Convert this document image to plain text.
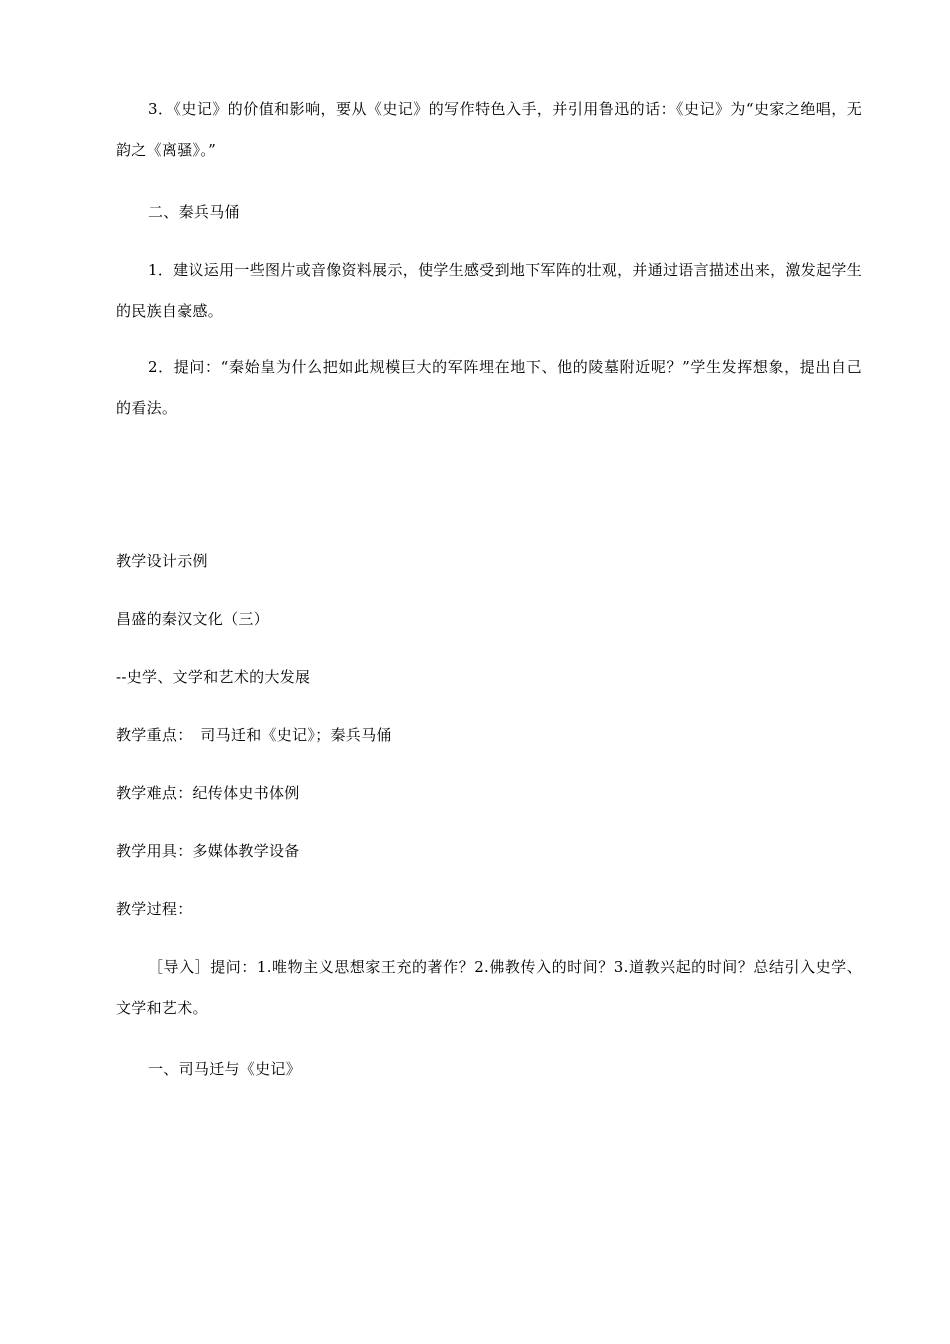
3．《史记》的价值和影响，要从《史记》的写作特色入手，并引用鲁迅的话：《史记》为“史家之绝唱，无韵之《离骚》。”

二、秦兵马俑

1．建议运用一些图片或音像资料展示，使学生感受到地下军阵的壮观，并通过语言描述出来，激发起学生的民族自豪感。

2．提问：“秦始皇为什么把如此规模巨大的军阵埋在地下、他的陵墓附近呢？”学生发挥想象，提出自己的看法。

教学设计示例

昌盛的秦汉文化（三）

--史学、文学和艺术的大发展

教学重点：　司马迁和《史记》；秦兵马俑

教学难点：纪传体史书体例

教学用具：多媒体教学设备

教学过程：

［导入］提问：1.唯物主义思想家王充的著作？2.佛教传入的时间？3.道教兴起的时间？总结引入史学、文学和艺术。

一、司马迁与《史记》
